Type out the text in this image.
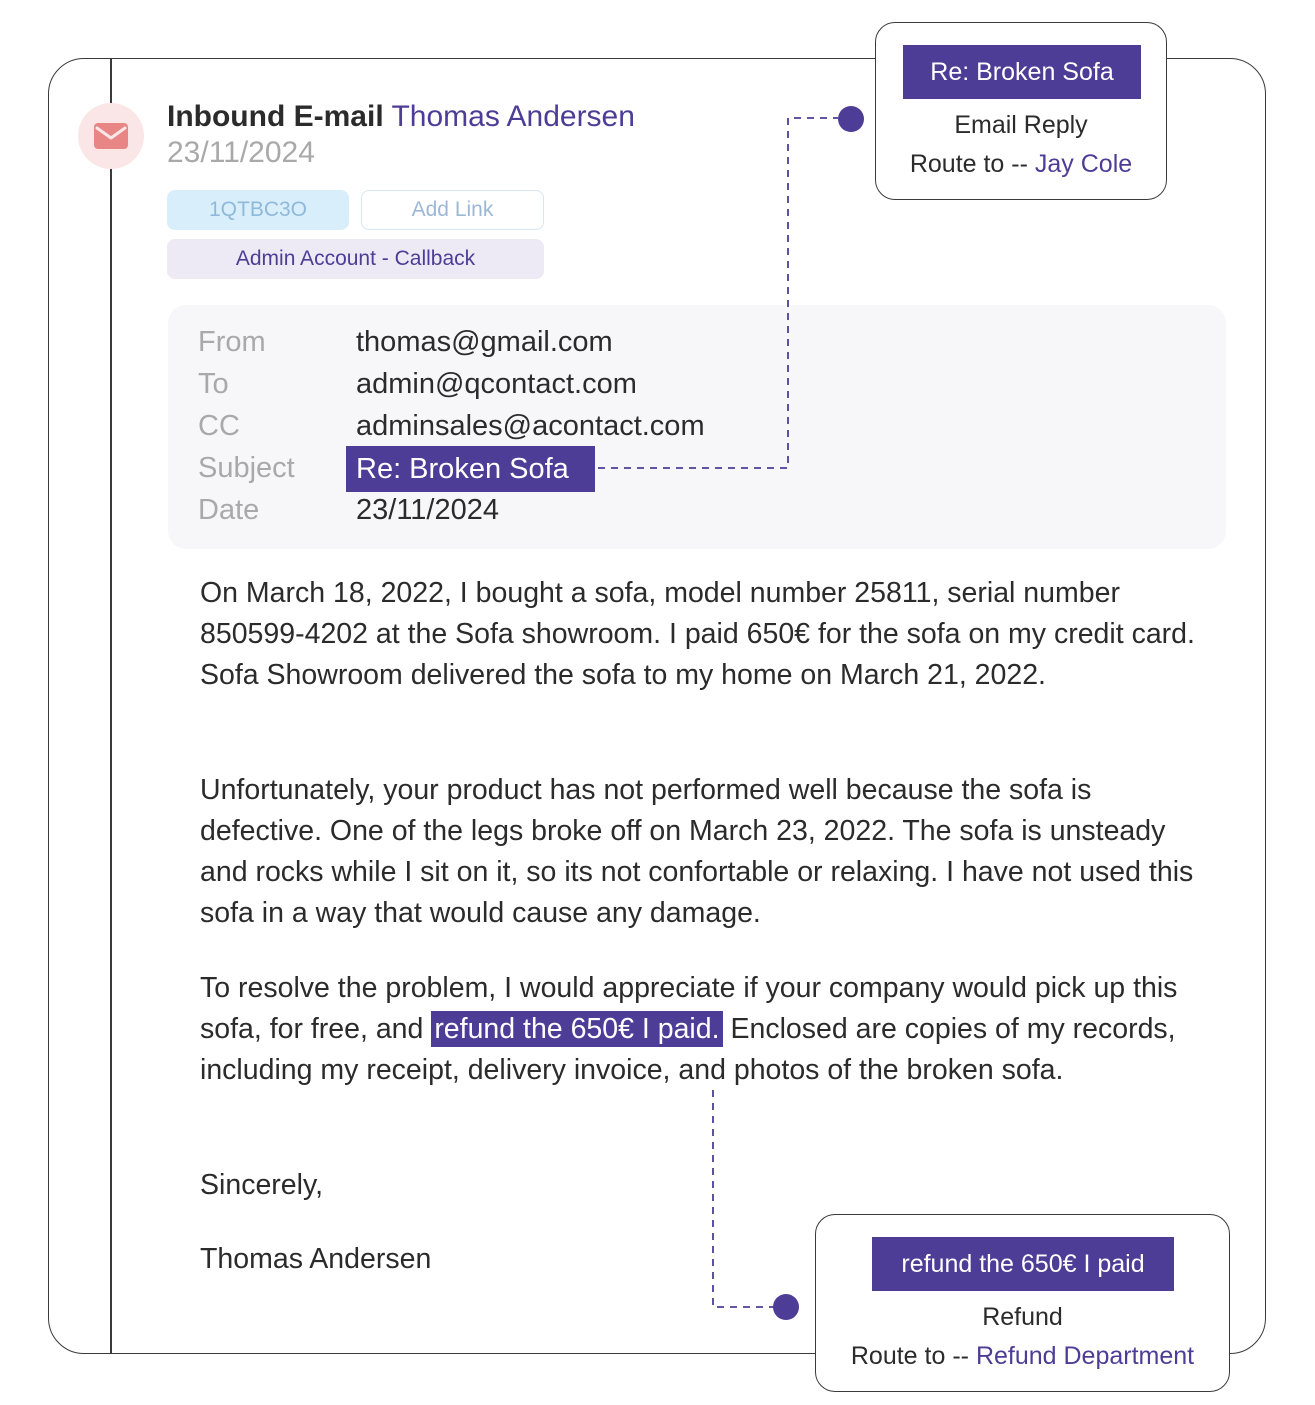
Inbound E-mail Thomas Andersen
23/11/2024
1QTBC3O	Add Link
Admin Account - Callback
From
To
CC
Subject
Date
thomas@gmail.com
admin@qcontact.com
adminsales@acontact.com
Re: Broken Sofa
23/11/2024

On March 18, 2022, I bought a sofa, model number 25811, serial number 850599-4202 at the Sofa showroom. I paid 650€ for the sofa on my credit card. Sofa Showroom delivered the sofa to my home on March 21, 2022.

Unfortunately, your product has not performed well because the sofa is defective. One of the legs broke off on March 23, 2022. The sofa is unsteady and rocks while I sit on it, so its not confortable or relaxing. I have not used this sofa in a way that would cause any damage.

To resolve the problem, I would appreciate if your company would pick up this sofa, for free, and refund the 650€ I paid. Enclosed are copies of my records, including my receipt, delivery invoice, and photos of the broken sofa.

Sincerely,

Thomas Andersen

Re: Broken Sofa
Email Reply
Route to -- Jay Cole
refund the 650€ I paid
Refund
Route to -- Refund Department
